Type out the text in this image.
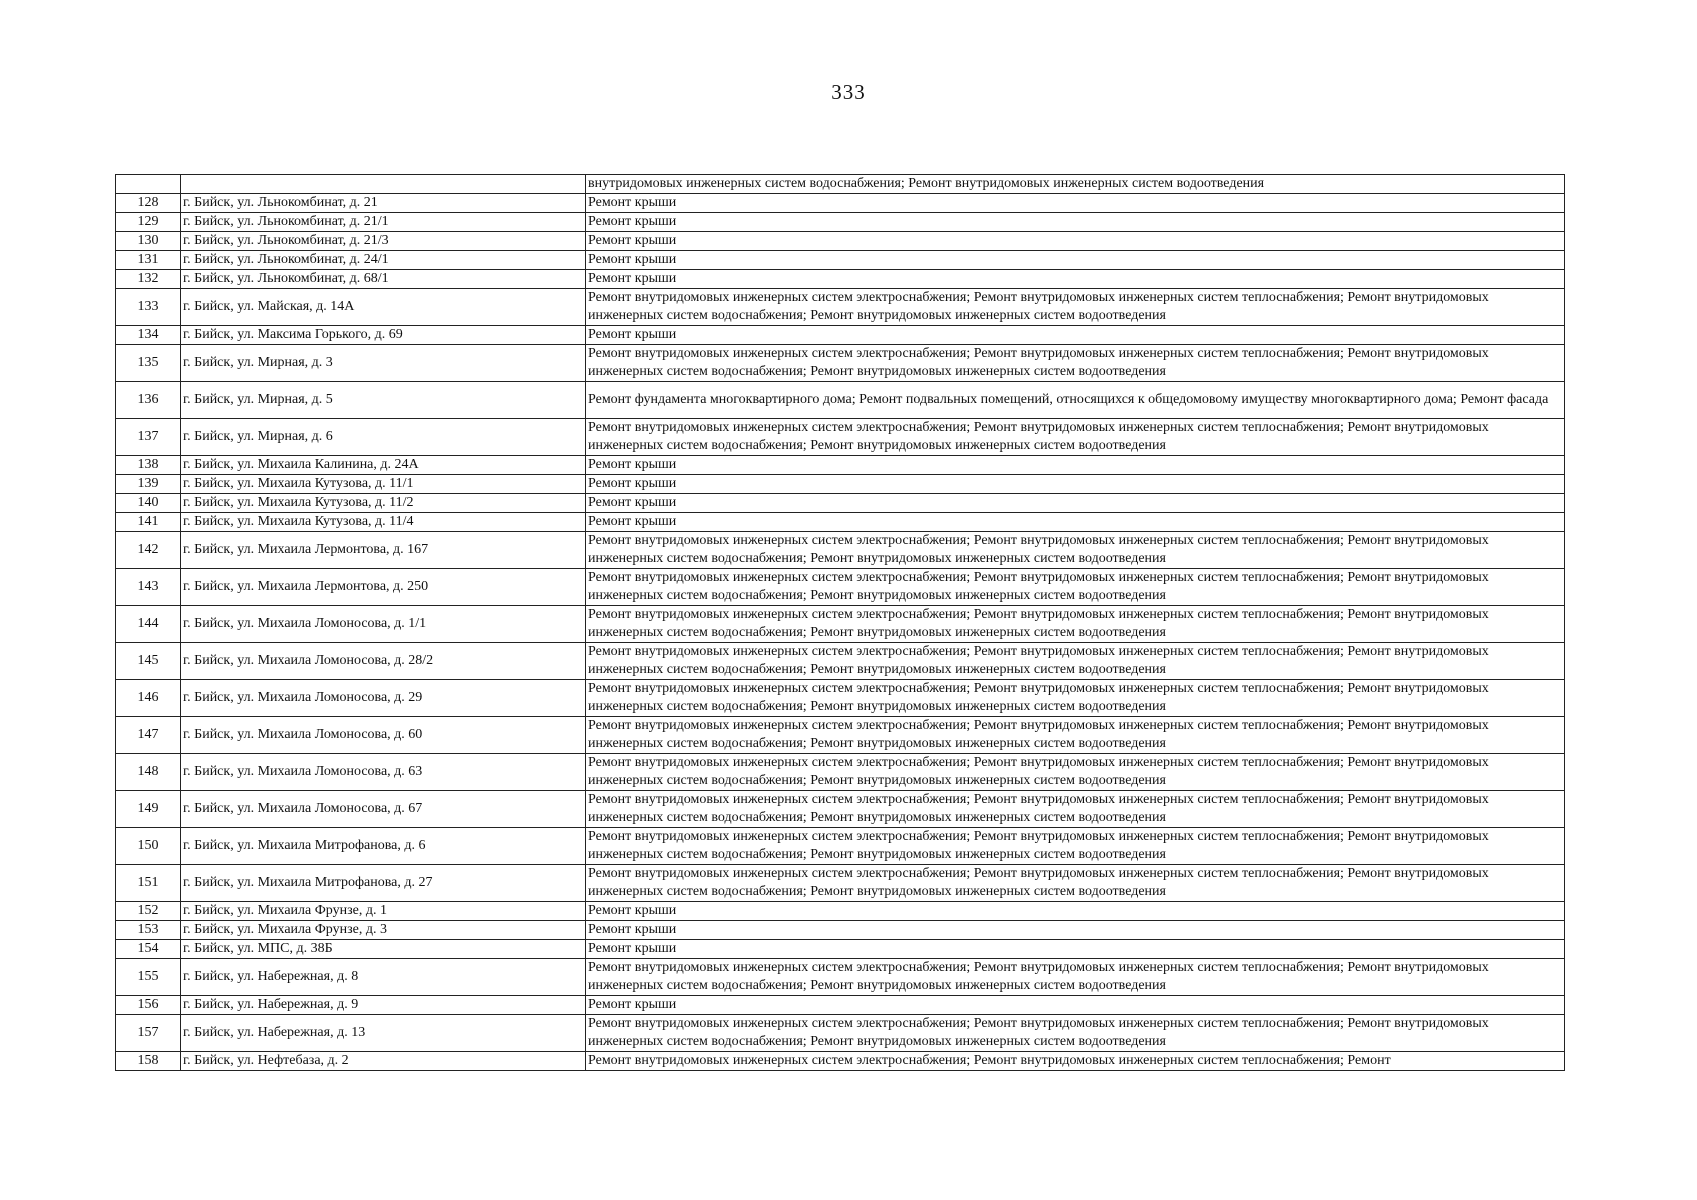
333
		внутридомовых инженерных систем водоснабжения; Ремонт внутридомовых инженерных систем водоотведения
128	г. Бийск, ул. Льнокомбинат, д. 21	Ремонт крыши
129	г. Бийск, ул. Льнокомбинат, д. 21/1	Ремонт крыши
130	г. Бийск, ул. Льнокомбинат, д. 21/3	Ремонт крыши
131	г. Бийск, ул. Льнокомбинат, д. 24/1	Ремонт крыши
132	г. Бийск, ул. Льнокомбинат, д. 68/1	Ремонт крыши
133	г. Бийск, ул. Майская, д. 14А	Ремонт внутридомовых инженерных систем электроснабжения; Ремонт внутридомовых инженерных систем теплоснабжения; Ремонт внутридомовых инженерных систем водоснабжения; Ремонт внутридомовых инженерных систем водоотведения
134	г. Бийск, ул. Максима Горького, д. 69	Ремонт крыши
135	г. Бийск, ул. Мирная, д. 3	Ремонт внутридомовых инженерных систем электроснабжения; Ремонт внутридомовых инженерных систем теплоснабжения; Ремонт внутридомовых инженерных систем водоснабжения; Ремонт внутридомовых инженерных систем водоотведения
136	г. Бийск, ул. Мирная, д. 5	Ремонт фундамента многоквартирного дома; Ремонт подвальных помещений, относящихся к общедомовому имуществу многоквартирного дома; Ремонт фасада
137	г. Бийск, ул. Мирная, д. 6	Ремонт внутридомовых инженерных систем электроснабжения; Ремонт внутридомовых инженерных систем теплоснабжения; Ремонт внутридомовых инженерных систем водоснабжения; Ремонт внутридомовых инженерных систем водоотведения
138	г. Бийск, ул. Михаила Калинина, д. 24А	Ремонт крыши
139	г. Бийск, ул. Михаила Кутузова, д. 11/1	Ремонт крыши
140	г. Бийск, ул. Михаила Кутузова, д. 11/2	Ремонт крыши
141	г. Бийск, ул. Михаила Кутузова, д. 11/4	Ремонт крыши
142	г. Бийск, ул. Михаила Лермонтова, д. 167	Ремонт внутридомовых инженерных систем электроснабжения; Ремонт внутридомовых инженерных систем теплоснабжения; Ремонт внутридомовых инженерных систем водоснабжения; Ремонт внутридомовых инженерных систем водоотведения
143	г. Бийск, ул. Михаила Лермонтова, д. 250	Ремонт внутридомовых инженерных систем электроснабжения; Ремонт внутридомовых инженерных систем теплоснабжения; Ремонт внутридомовых инженерных систем водоснабжения; Ремонт внутридомовых инженерных систем водоотведения
144	г. Бийск, ул. Михаила Ломоносова, д. 1/1	Ремонт внутридомовых инженерных систем электроснабжения; Ремонт внутридомовых инженерных систем теплоснабжения; Ремонт внутридомовых инженерных систем водоснабжения; Ремонт внутридомовых инженерных систем водоотведения
145	г. Бийск, ул. Михаила Ломоносова, д. 28/2	Ремонт внутридомовых инженерных систем электроснабжения; Ремонт внутридомовых инженерных систем теплоснабжения; Ремонт внутридомовых инженерных систем водоснабжения; Ремонт внутридомовых инженерных систем водоотведения
146	г. Бийск, ул. Михаила Ломоносова, д. 29	Ремонт внутридомовых инженерных систем электроснабжения; Ремонт внутридомовых инженерных систем теплоснабжения; Ремонт внутридомовых инженерных систем водоснабжения; Ремонт внутридомовых инженерных систем водоотведения
147	г. Бийск, ул. Михаила Ломоносова, д. 60	Ремонт внутридомовых инженерных систем электроснабжения; Ремонт внутридомовых инженерных систем теплоснабжения; Ремонт внутридомовых инженерных систем водоснабжения; Ремонт внутридомовых инженерных систем водоотведения
148	г. Бийск, ул. Михаила Ломоносова, д. 63	Ремонт внутридомовых инженерных систем электроснабжения; Ремонт внутридомовых инженерных систем теплоснабжения; Ремонт внутридомовых инженерных систем водоснабжения; Ремонт внутридомовых инженерных систем водоотведения
149	г. Бийск, ул. Михаила Ломоносова, д. 67	Ремонт внутридомовых инженерных систем электроснабжения; Ремонт внутридомовых инженерных систем теплоснабжения; Ремонт внутридомовых инженерных систем водоснабжения; Ремонт внутридомовых инженерных систем водоотведения
150	г. Бийск, ул. Михаила Митрофанова, д. 6	Ремонт внутридомовых инженерных систем электроснабжения; Ремонт внутридомовых инженерных систем теплоснабжения; Ремонт внутридомовых инженерных систем водоснабжения; Ремонт внутридомовых инженерных систем водоотведения
151	г. Бийск, ул. Михаила Митрофанова, д. 27	Ремонт внутридомовых инженерных систем электроснабжения; Ремонт внутридомовых инженерных систем теплоснабжения; Ремонт внутридомовых инженерных систем водоснабжения; Ремонт внутридомовых инженерных систем водоотведения
152	г. Бийск, ул. Михаила Фрунзе, д. 1	Ремонт крыши
153	г. Бийск, ул. Михаила Фрунзе, д. 3	Ремонт крыши
154	г. Бийск, ул. МПС, д. 38Б	Ремонт крыши
155	г. Бийск, ул. Набережная, д. 8	Ремонт внутридомовых инженерных систем электроснабжения; Ремонт внутридомовых инженерных систем теплоснабжения; Ремонт внутридомовых инженерных систем водоснабжения; Ремонт внутридомовых инженерных систем водоотведения
156	г. Бийск, ул. Набережная, д. 9	Ремонт крыши
157	г. Бийск, ул. Набережная, д. 13	Ремонт внутридомовых инженерных систем электроснабжения; Ремонт внутридомовых инженерных систем теплоснабжения; Ремонт внутридомовых инженерных систем водоснабжения; Ремонт внутридомовых инженерных систем водоотведения
158	г. Бийск, ул. Нефтебаза, д. 2	Ремонт внутридомовых инженерных систем электроснабжения; Ремонт внутридомовых инженерных систем теплоснабжения; Ремонт
